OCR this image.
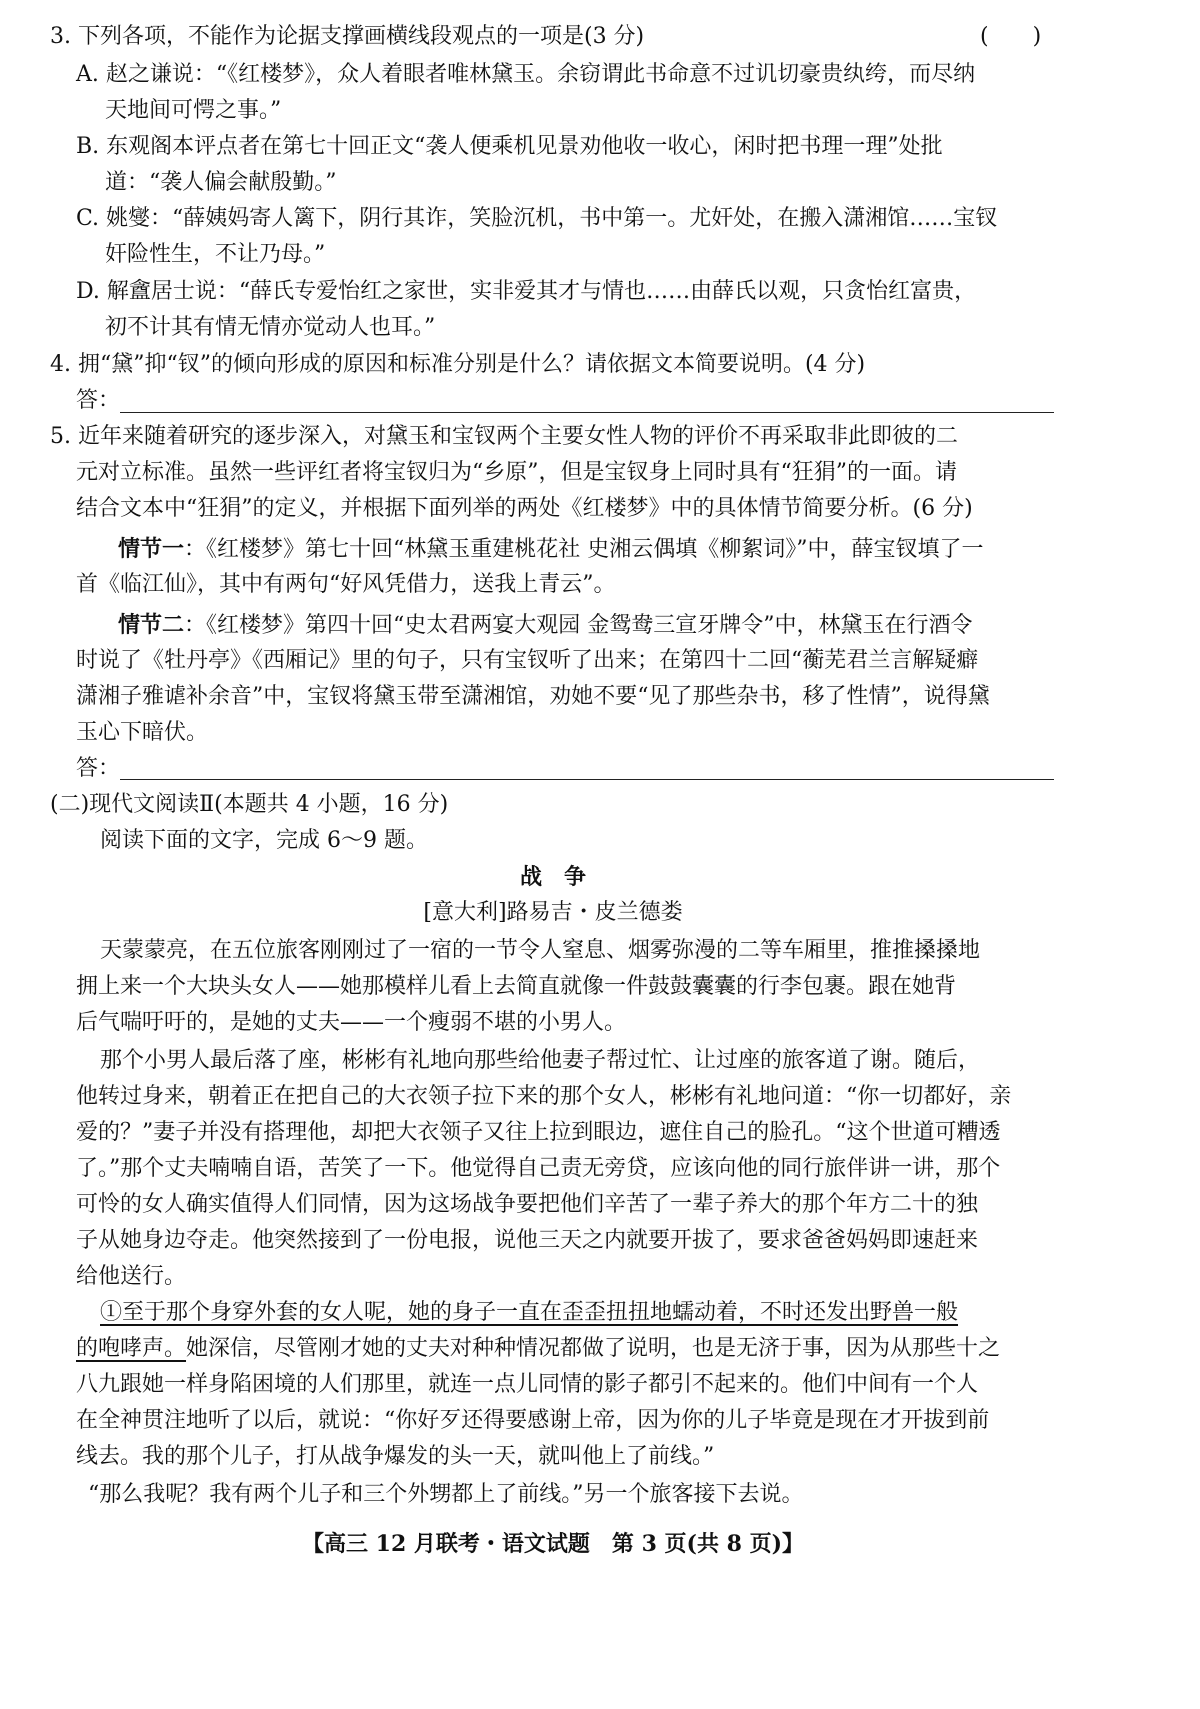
3. 下列各项，不能作为论据支撑画横线段观点的一项是(3 分)	(　　)
A. 赵之谦说：“《红楼梦》，众人着眼者唯林黛玉。余窃谓此书命意不过讥切豪贵纨绔，而尽纳
天地间可愕之事。”
B. 东观阁本评点者在第七十回正文“袭人便乘机见景劝他收一收心，闲时把书理一理”处批
道：“袭人偏会献殷勤。”
C. 姚燮：“薛姨妈寄人篱下，阴行其诈，笑脸沉机，书中第一。尤奸处，在搬入潇湘馆……宝钗
奸险性生，不让乃母。”
D. 解盦居士说：“薛氏专爱怡红之家世，实非爱其才与情也……由薛氏以观，只贪怡红富贵，
初不计其有情无情亦觉动人也耳。”
4. 拥“黛”抑“钗”的倾向形成的原因和标准分别是什么？请依据文本简要说明。(4 分)
答：
5. 近年来随着研究的逐步深入，对黛玉和宝钗两个主要女性人物的评价不再采取非此即彼的二
元对立标准。虽然一些评红者将宝钗归为“乡原”，但是宝钗身上同时具有“狂狷”的一面。请
结合文本中“狂狷”的定义，并根据下面列举的两处《红楼梦》中的具体情节简要分析。(6 分)
情节一：《红楼梦》第七十回“林黛玉重建桃花社 史湘云偶填《柳絮词》”中，薛宝钗填了一
首《临江仙》，其中有两句“好风凭借力，送我上青云”。
情节二：《红楼梦》第四十回“史太君两宴大观园 金鸳鸯三宣牙牌令”中，林黛玉在行酒令
时说了《牡丹亭》《西厢记》里的句子，只有宝钗听了出来；在第四十二回“蘅芜君兰言解疑癖
潇湘子雅谑补余音”中，宝钗将黛玉带至潇湘馆，劝她不要“见了那些杂书，移了性情”，说得黛
玉心下暗伏。
答：
(二)现代文阅读Ⅱ(本题共 4 小题，16 分)
阅读下面的文字，完成 6～9 题。
战　争
[意大利]路易吉・皮兰德娄
天蒙蒙亮，在五位旅客刚刚过了一宿的一节令人窒息、烟雾弥漫的二等车厢里，推推搡搡地
拥上来一个大块头女人——她那模样儿看上去简直就像一件鼓鼓囊囊的行李包裹。跟在她背
后气喘吁吁的，是她的丈夫——一个瘦弱不堪的小男人。
那个小男人最后落了座，彬彬有礼地向那些给他妻子帮过忙、让过座的旅客道了谢。随后，
他转过身来，朝着正在把自己的大衣领子拉下来的那个女人，彬彬有礼地问道：“你一切都好，亲
爱的？”妻子并没有搭理他，却把大衣领子又往上拉到眼边，遮住自己的脸孔。“这个世道可糟透
了。”那个丈夫喃喃自语，苦笑了一下。他觉得自己责无旁贷，应该向他的同行旅伴讲一讲，那个
可怜的女人确实值得人们同情，因为这场战争要把他们辛苦了一辈子养大的那个年方二十的独
子从她身边夺走。他突然接到了一份电报，说他三天之内就要开拔了，要求爸爸妈妈即速赶来
给他送行。
①至于那个身穿外套的女人呢，她的身子一直在歪歪扭扭地蠕动着，不时还发出野兽一般
的咆哮声。她深信，尽管刚才她的丈夫对种种情况都做了说明，也是无济于事，因为从那些十之
八九跟她一样身陷困境的人们那里，就连一点儿同情的影子都引不起来的。他们中间有一个人
在全神贯注地听了以后，就说：“你好歹还得要感谢上帝，因为你的儿子毕竟是现在才开拔到前
线去。我的那个儿子，打从战争爆发的头一天，就叫他上了前线。”
“那么我呢？我有两个儿子和三个外甥都上了前线。”另一个旅客接下去说。
【高三 12 月联考・语文试题　第 3 页(共 8 页)】
